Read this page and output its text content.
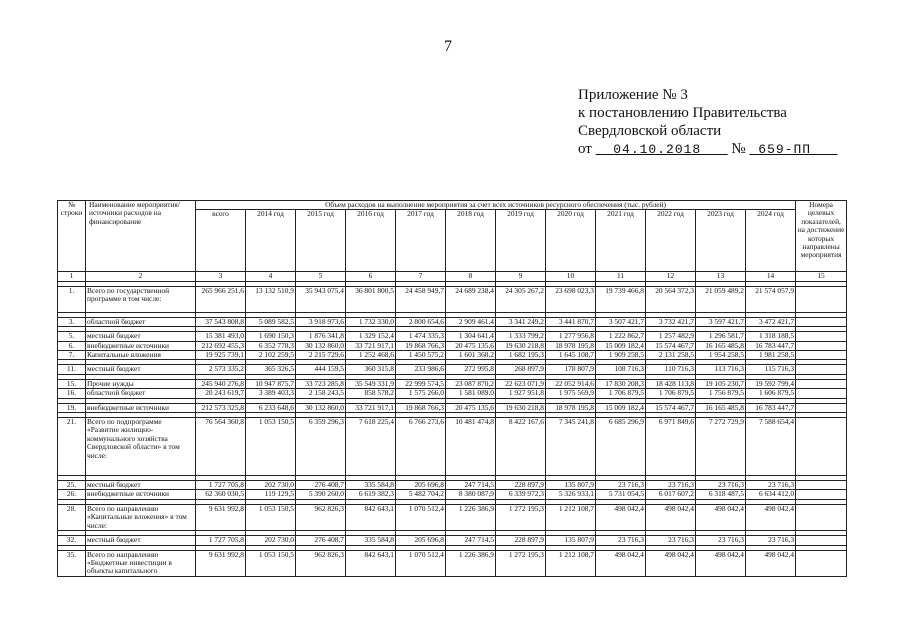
7
Приложение № 3
к постановлению Правительства
Свердловской области
от 04.10.2018 № 659-ПП
№ строки	Наименование мероприятия/ источники расходов на финансирование	Объем расходов на выполнение мероприятия за счет всех источников ресурсного обеспечения (тыс. рублей)												Номера целевых показателей, на достижение которых направлены мероприятия
		всего	2014 год	2015 год	2016 год	2017 год	2018 год	2019 год	2020 год	2021 год	2022 год	2023 год	2024 год	
1	2	3	4	5	6	7	8	9	10	11	12	13	14	15

1.	Всего по государственной программе в том числе:	265 966 251,6	13 132 510,9	35 943 075,4	36 801 800,5	24 458 949,7	24 689 238,4	24 305 267,2	23 698 023,3	19 739 466,8	20 564 372,3	21 059 489,2	21 574 057,9	

3.	областной бюджет	37 543 808,8	5 089 582,5	3 918 973,6	1 732 330,0	2 800 654,6	2 909 461,4	3 341 249,2	3 441 870,7	3 507 421,7	3 732 421,7	3 597 421,7	3 472 421,7	

5.	местный бюджет	15 381 493,0	1 690 150,3	1 876 341,8	1 329 152,4	1 474 335,3	1 304 641,4	1 333 799,2	1 277 956,8	1 222 862,7	1 257 482,9	1 296 581,7	1 318 188,5	
6.	внебюджетные источники	212 692 455,3	6 352 778,3	30 132 860,0	33 721 917,1	19 868 766,3	20 475 135,6	19 630 218,8	18 978 195,8	15 009 182,4	15 574 467,7	16 165 485,8	16 783 447,7	
7.	Капитальные вложения	19 925 739,1	2 102 259,5	2 215 729,6	1 252 468,6	1 450 575,2	1 601 368,2	1 682 195,3	1 645 108,7	1 909 258,5	2 131 258,5	1 954 258,5	1 981 258,5	

11.	местный бюджет	2 573 335,2	365 326,5	444 159,5	360 315,8	233 986,6	272 995,8	268 897,9	178 807,9	108 716,3	110 716,3	113 716,3	115 716,3	

15.	Прочие нужды	245 940 276,8	10 947 875,7	33 723 285,8	35 549 331,9	22 999 574,5	23 087 870,2	22 623 071,9	22 052 914,6	17 830 208,3	18 428 113,8	19 105 230,7	19 592 799,4	
16.	областной бюджет	20 243 619,7	3 389 403,3	2 158 243,5	858 578,2	1 575 266,0	1 581 089,0	1 927 951,8	1 975 569,9	1 706 879,5	1 706 879,5	1 756 879,5	1 606 879,5	

19.	внебюджетные источники	212 573 325,8	6 233 648,6	30 132 860,0	33 721 917,1	19 868 766,3	20 475 135,6	19 630 218,8	18 978 195,8	15 009 182,4	15 574 467,7	16 165 485,8	16 783 447,7	

21.	Всего по подпрограмме «Развитие жилищно-коммунального хозяйства Свердловской области» в том числе:	76 564 360,8	1 053 150,5	6 359 296,3	7 618 225,4	6 766 273,6	10 481 474,8	8 422 167,6	7 345 241,8	6 685 296,9	6 971 849,6	7 272 729,9	7 588 654,4	

25.	местный бюджет	1 727 705,8	202 730,0	276 408,7	335 584,8	205 696,8	247 714,5	228 897,9	135 807,9	23 716,3	23 716,3	23 716,3	23 716,3	
26.	внебюджетные источники	62 360 030,5	119 129,5	5 390 260,0	6 619 382,3	5 482 704,2	8 380 087,9	6 339 972,3	5 326 933,1	5 731 054,5	6 017 607,2	6 318 487,5	6 634 412,0	

28.	Всего по направлению «Капитальные вложения» в том числе:	9 631 992,8	1 053 150,5	962 826,3	842 643,1	1 070 512,4	1 226 386,9	1 272 195,3	1 212 108,7	498 042,4	498 042,4	498 042,4	498 042,4	

32.	местный бюджет	1 727 705,8	202 730,0	276 408,7	335 584,8	205 696,8	247 714,5	228 897,9	135 807,9	23 716,3	23 716,3	23 716,3	23 716,3	

35.	Всего по направлению «Бюджетные инвестиции в объекты капитального	9 631 992,8	1 053 150,5	962 826,3	842 643,1	1 070 512,4	1 226 386,9	1 272 195,3	1 212 108,7	498 042,4	498 042,4	498 042,4	498 042,4	
